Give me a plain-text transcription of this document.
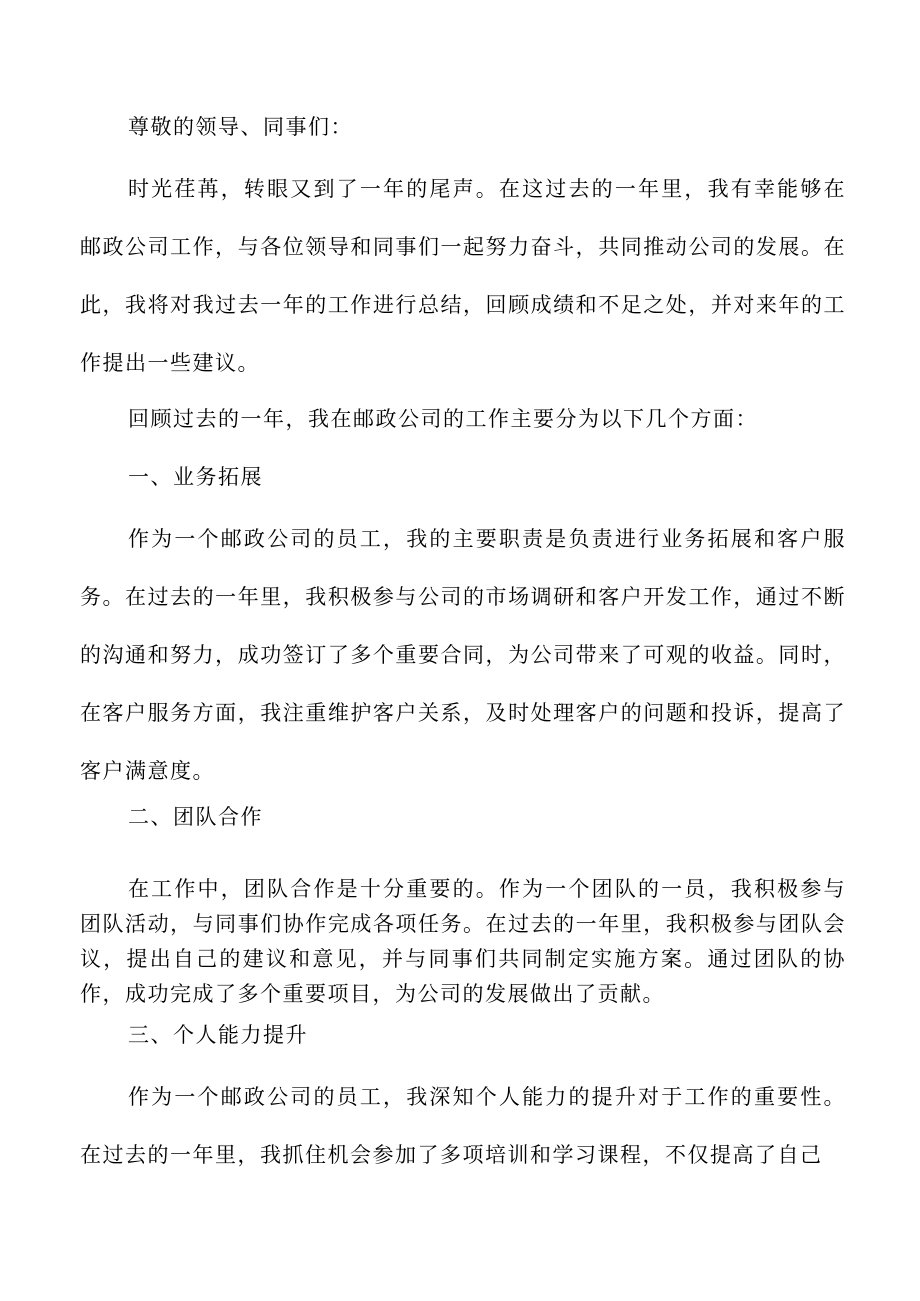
尊敬的领导、同事们：

时光荏苒，转眼又到了一年的尾声。在这过去的一年里，我有幸能够在邮政公司工作，与各位领导和同事们一起努力奋斗，共同推动公司的发展。在此，我将对我过去一年的工作进行总结，回顾成绩和不足之处，并对来年的工作提出一些建议。

回顾过去的一年，我在邮政公司的工作主要分为以下几个方面：

一、业务拓展

作为一个邮政公司的员工，我的主要职责是负责进行业务拓展和客户服务。在过去的一年里，我积极参与公司的市场调研和客户开发工作，通过不断的沟通和努力，成功签订了多个重要合同，为公司带来了可观的收益。同时，在客户服务方面，我注重维护客户关系，及时处理客户的问题和投诉，提高了客户满意度。

二、团队合作

在工作中，团队合作是十分重要的。作为一个团队的一员，我积极参与团队活动，与同事们协作完成各项任务。在过去的一年里，我积极参与团队会议，提出自己的建议和意见，并与同事们共同制定实施方案。通过团队的协作，成功完成了多个重要项目，为公司的发展做出了贡献。

三、个人能力提升

作为一个邮政公司的员工，我深知个人能力的提升对于工作的重要性。在过去的一年里，我抓住机会参加了多项培训和学习课程，不仅提高了自己
